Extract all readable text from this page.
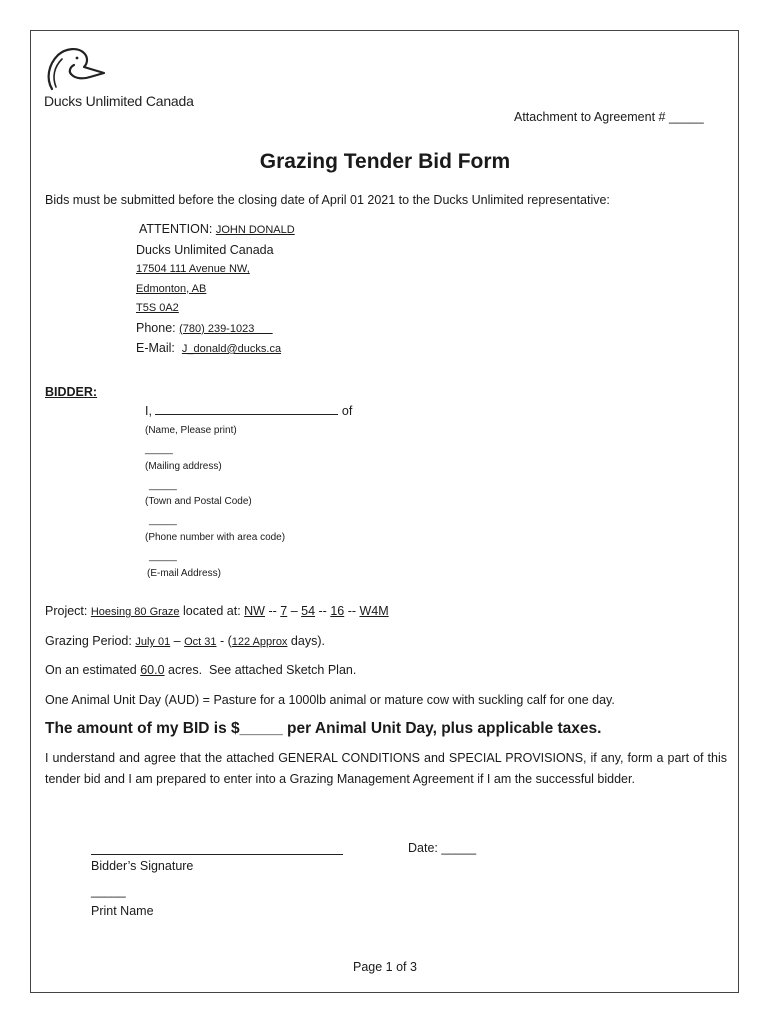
Ducks Unlimited Canada
Attachment to Agreement # _____
Grazing Tender Bid Form
Bids must be submitted before the closing date of April 01 2021 to the Ducks Unlimited representative:
ATTENTION: JOHN DONALD
Ducks Unlimited Canada
17504 111 Avenue NW,
Edmonton, AB
T5S 0A2
Phone: (780) 239-1023
E-Mail:  J_donald@ducks.ca
BIDDER:
I,	of
(Name, Please print)
_____
(Mailing address)
_____
(Town and Postal Code)
_____
(Phone number with area code)
_____
(E-mail Address)
Project: Hoesing 80 Graze located at: NW -- 7 – 54 -- 16 -- W4M
Grazing Period: July 01 – Oct 31 - (122 Approx days).
On an estimated 60.0 acres.  See attached Sketch Plan.
One Animal Unit Day (AUD) = Pasture for a 1000lb animal or mature cow with suckling calf for one day.
The amount of my BID is $_____ per Animal Unit Day, plus applicable taxes.
I understand and agree that the attached GENERAL CONDITIONS and SPECIAL PROVISIONS, if any, form a part of this tender bid and I am prepared to enter into a Grazing Management Agreement if I am the successful bidder.
Bidder’s Signature
Date: _____
_____
Print Name
Page 1 of 3
